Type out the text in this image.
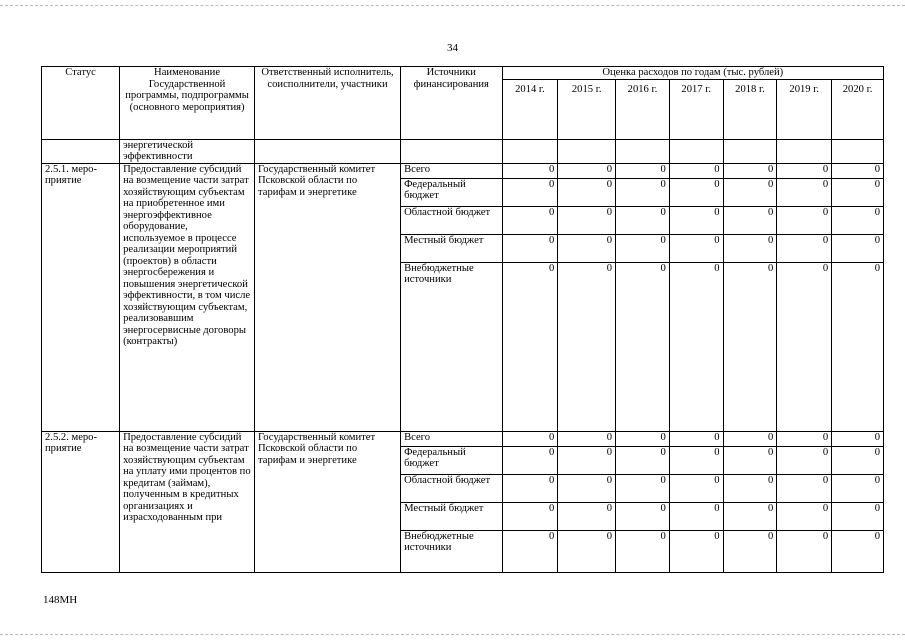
34
Статус	Наименование Государственной программы, подпрограммы (основного мероприятия)	Ответственный исполнитель, соисполнители, участники	Источники финансирования	Оценка расходов по годам (тыс. рублей)						
				2014 г.	2015 г.	2016 г.	2017 г.	2018 г.	2019 г.	2020 г.
	энергетической эффективности									
2.5.1. меро-приятие	Предоставление субсидий на возмещение части затрат хозяйствующим субъектам на приобретенное ими энергоэффективное оборудование, используемое в процессе реализации мероприятий (проектов) в области энергосбережения и повышения энергетической эффективности, в том числе хозяйствующим субъектам, реализовавшим энергосервисные договоры (контракты)	Государственный комитет Псковской области по тарифам и энергетике	Всего	0	0	0	0	0	0	0
			Федеральный бюджет	0	0	0	0	0	0	0
			Областной бюджет	0	0	0	0	0	0	0
			Местный бюджет	0	0	0	0	0	0	0
			Внебюджетные источники	0	0	0	0	0	0	0
2.5.2. меро-приятие	Предоставление субсидий на возмещение части затрат хозяйствующим субъектам на уплату ими процентов по кредитам (займам), полученным в кредитных организациях и израсходованным при	Государственный комитет Псковской области по тарифам и энергетике	Всего	0	0	0	0	0	0	0
			Федеральный бюджет	0	0	0	0	0	0	0
			Областной бюджет	0	0	0	0	0	0	0
			Местный бюджет	0	0	0	0	0	0	0
			Внебюджетные источники	0	0	0	0	0	0	0
148МН
